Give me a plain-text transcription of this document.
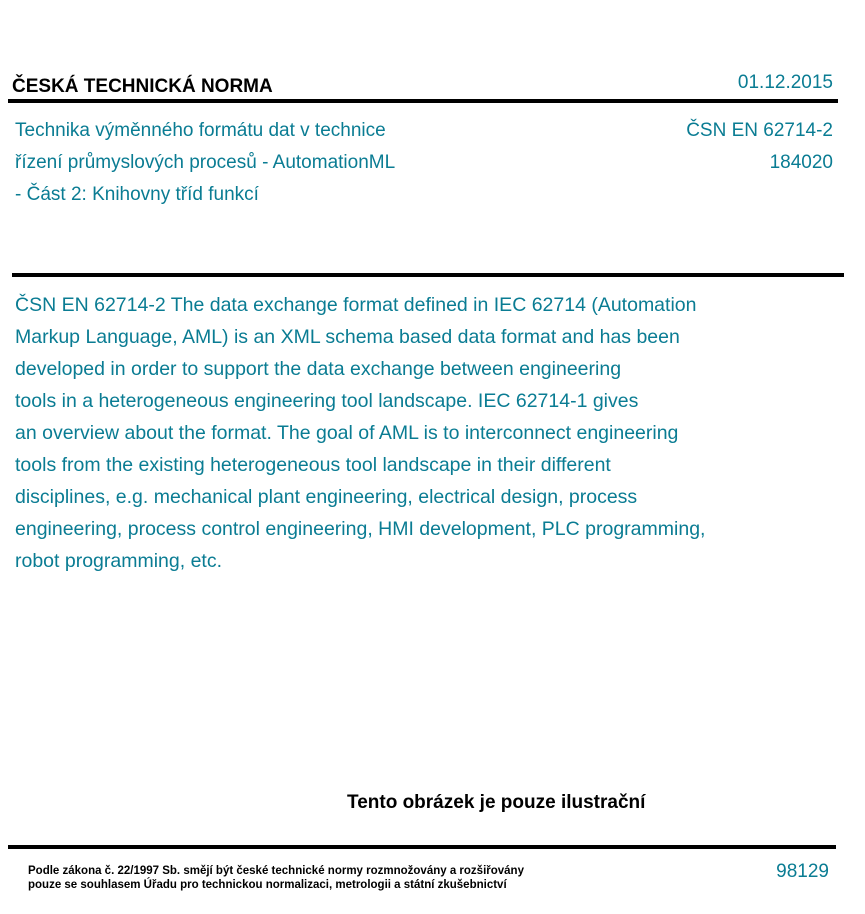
ČESKÁ TECHNICKÁ NORMA	01.12.2015
Technika výměnného formátu dat v technice
řízení průmyslových procesů - AutomationML
- Část 2: Knihovny tříd funkcí
ČSN EN 62714-2
184020
ČSN EN 62714-2 The data exchange format defined in IEC 62714 (Automation
Markup Language, AML) is an XML schema based data format and has been
developed in order to support the data exchange between engineering
tools in a heterogeneous engineering tool landscape. IEC 62714-1 gives
an overview about the format. The goal of AML is to interconnect engineering
tools from the existing heterogeneous tool landscape in their different
disciplines, e.g. mechanical plant engineering, electrical design, process
engineering, process control engineering, HMI development, PLC programming,
robot programming, etc.
Tento obrázek je pouze ilustrační
Podle zákona č. 22/1997 Sb. smějí být české technické normy rozmnožovány a rozšiřovány
pouze se souhlasem Úřadu pro technickou normalizaci, metrologii a státní zkušebnictví
98129
